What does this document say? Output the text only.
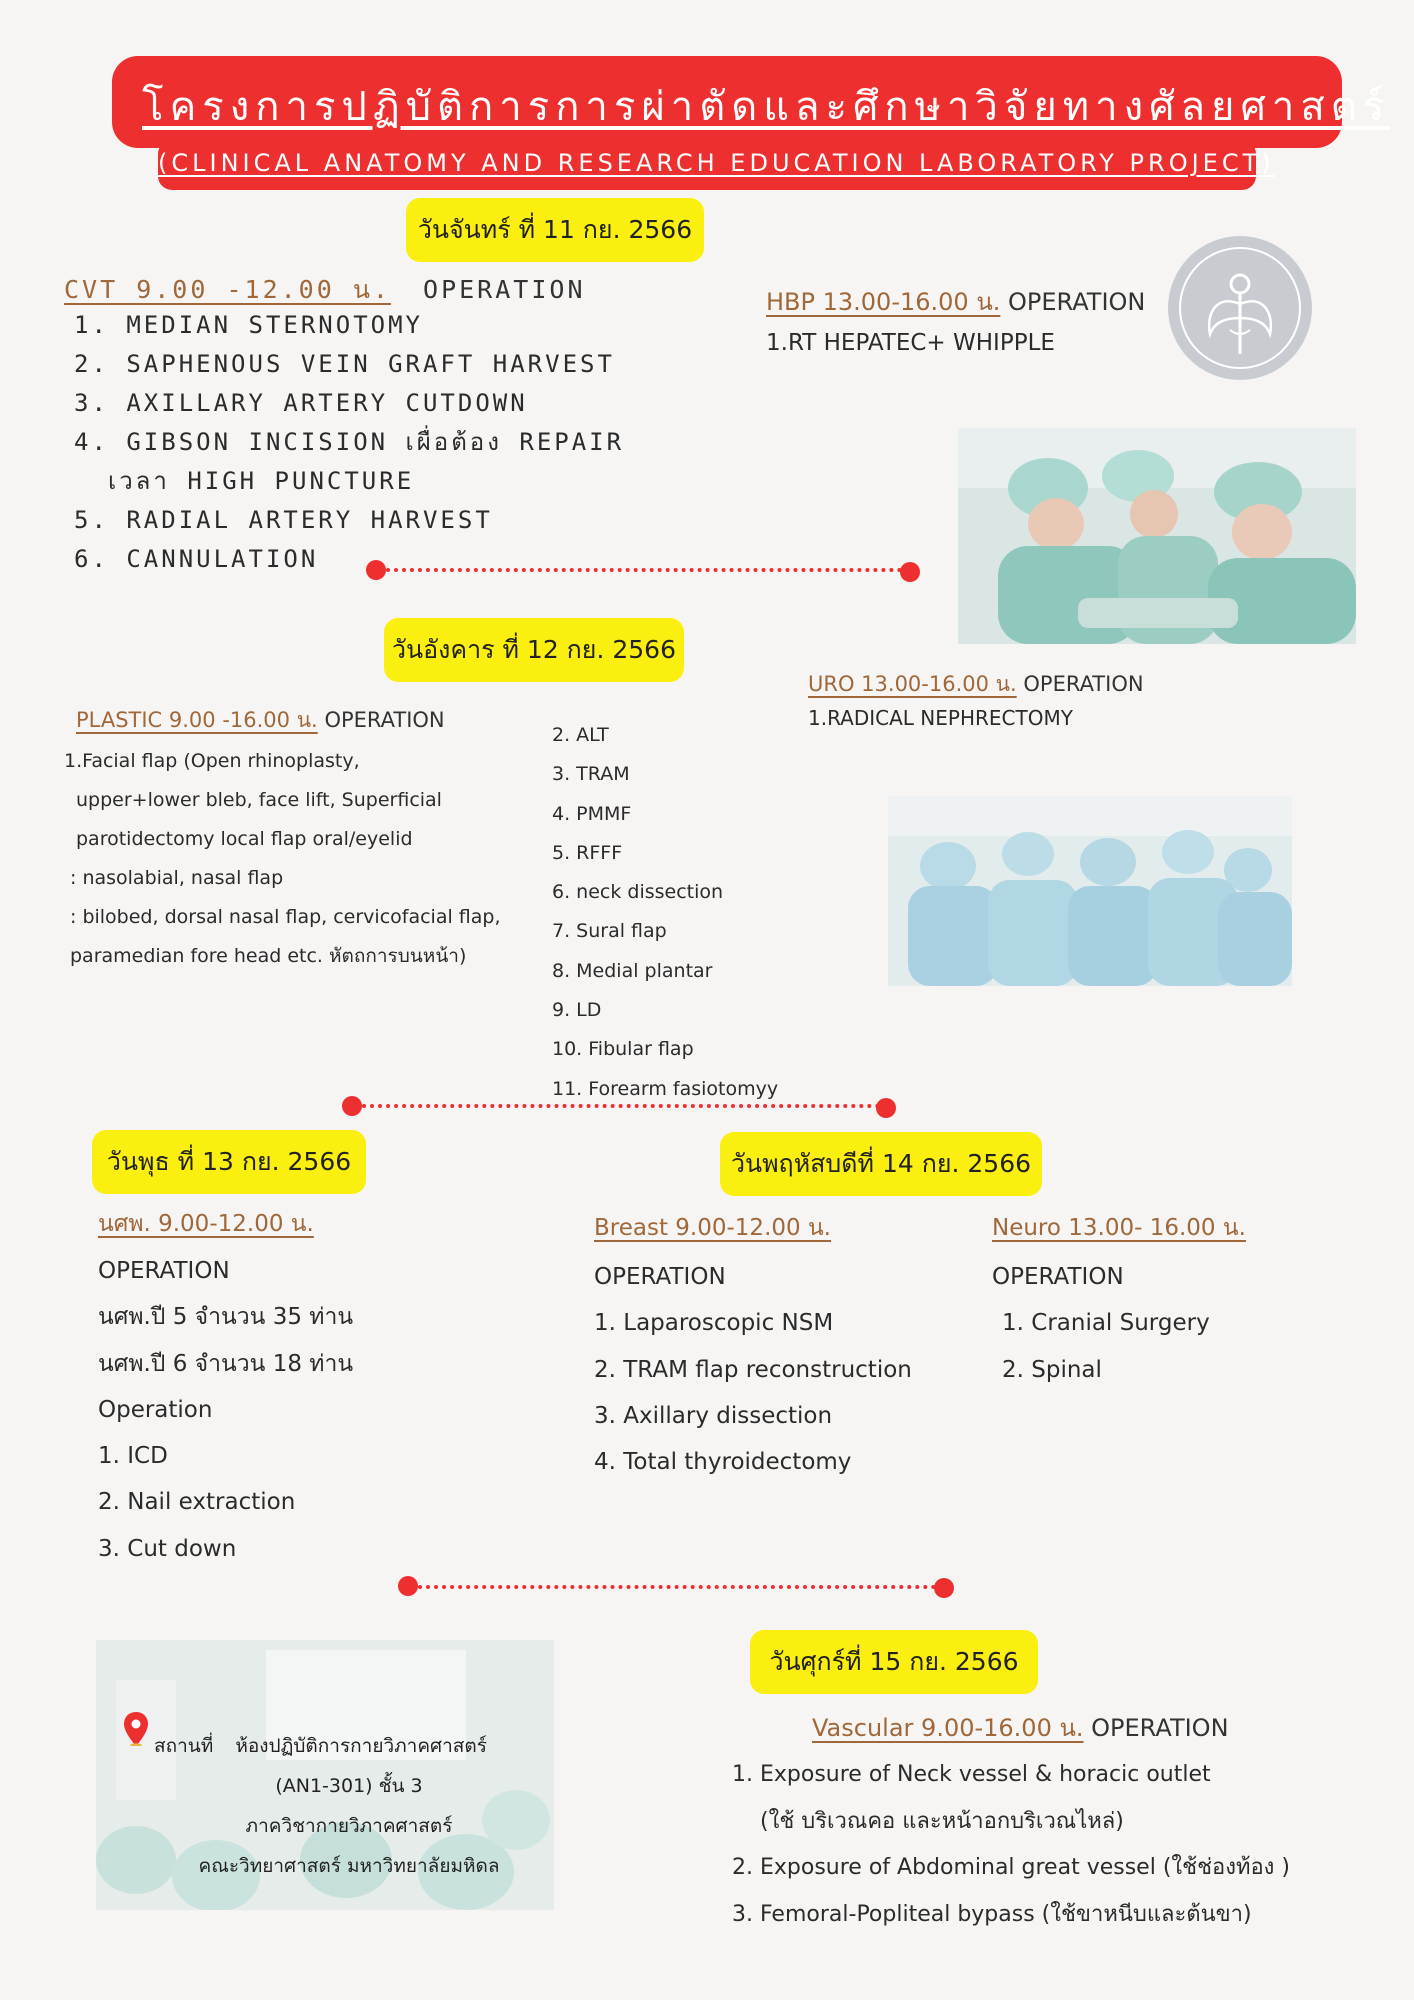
โครงการปฏิบัติการการผ่าตัดและศึกษาวิจัยทางศัลยศาสตร์
(CLINICAL ANATOMY AND RESEARCH EDUCATION LABORATORY PROJECT)
วันจันทร์ ที่ 11 กย. 2566
CVT 9.00 -12.00 น. OPERATION
1. MEDIAN STERNOTOMY
2. SAPHENOUS VEIN GRAFT HARVEST
3. AXILLARY ARTERY CUTDOWN
4. GIBSON INCISION เผื่อต้อง REPAIR
เวลา HIGH PUNCTURE
5. RADIAL ARTERY HARVEST
6. CANNULATION
HBP 13.00-16.00 น. OPERATION
1.RT HEPATEC+ WHIPPLE
วันอังคาร ที่ 12 กย. 2566
PLASTIC 9.00 -16.00 น. OPERATION
1.Facial flap (Open rhinoplasty,
upper+lower bleb, face lift, Superficial
parotidectomy local flap oral/eyelid
: nasolabial, nasal flap
: bilobed, dorsal nasal flap, cervicofacial flap,
paramedian fore head etc. หัตถการบนหน้า)
2. ALT
3. TRAM
4. PMMF
5. RFFF
6. neck dissection
7. Sural flap
8. Medial plantar
9. LD
10. Fibular flap
11. Forearm fasiotomyy
URO 13.00-16.00 น. OPERATION
1.RADICAL NEPHRECTOMY
วันพุธ ที่ 13 กย. 2566
นศพ. 9.00-12.00 น.
OPERATION
นศพ.ปี 5 จำนวน 35 ท่าน
นศพ.ปี 6 จำนวน 18 ท่าน
Operation
1. ICD
2. Nail extraction
3. Cut down
วันพฤหัสบดีที่ 14 กย. 2566
Breast 9.00-12.00 น.
OPERATION
1. Laparoscopic NSM
2. TRAM flap reconstruction
3. Axillary dissection
4. Total thyroidectomy
Neuro 13.00- 16.00 น.
OPERATION
1. Cranial Surgery
2. Spinal
สถานที่ ห้องปฏิบัติการกายวิภาคศาสตร์
(AN1-301) ชั้น 3
ภาควิชากายวิภาคศาสตร์
คณะวิทยาศาสตร์ มหาวิทยาลัยมหิดล
วันศุกร์ที่ 15 กย. 2566
Vascular 9.00-16.00 น. OPERATION
1. Exposure of Neck vessel & horacic outlet
(ใช้ บริเวณคอ และหน้าอกบริเวณไหล่)
2. Exposure of Abdominal great vessel (ใช้ช่องท้อง )
3. Femoral-Popliteal bypass (ใช้ขาหนีบและต้นขา)
